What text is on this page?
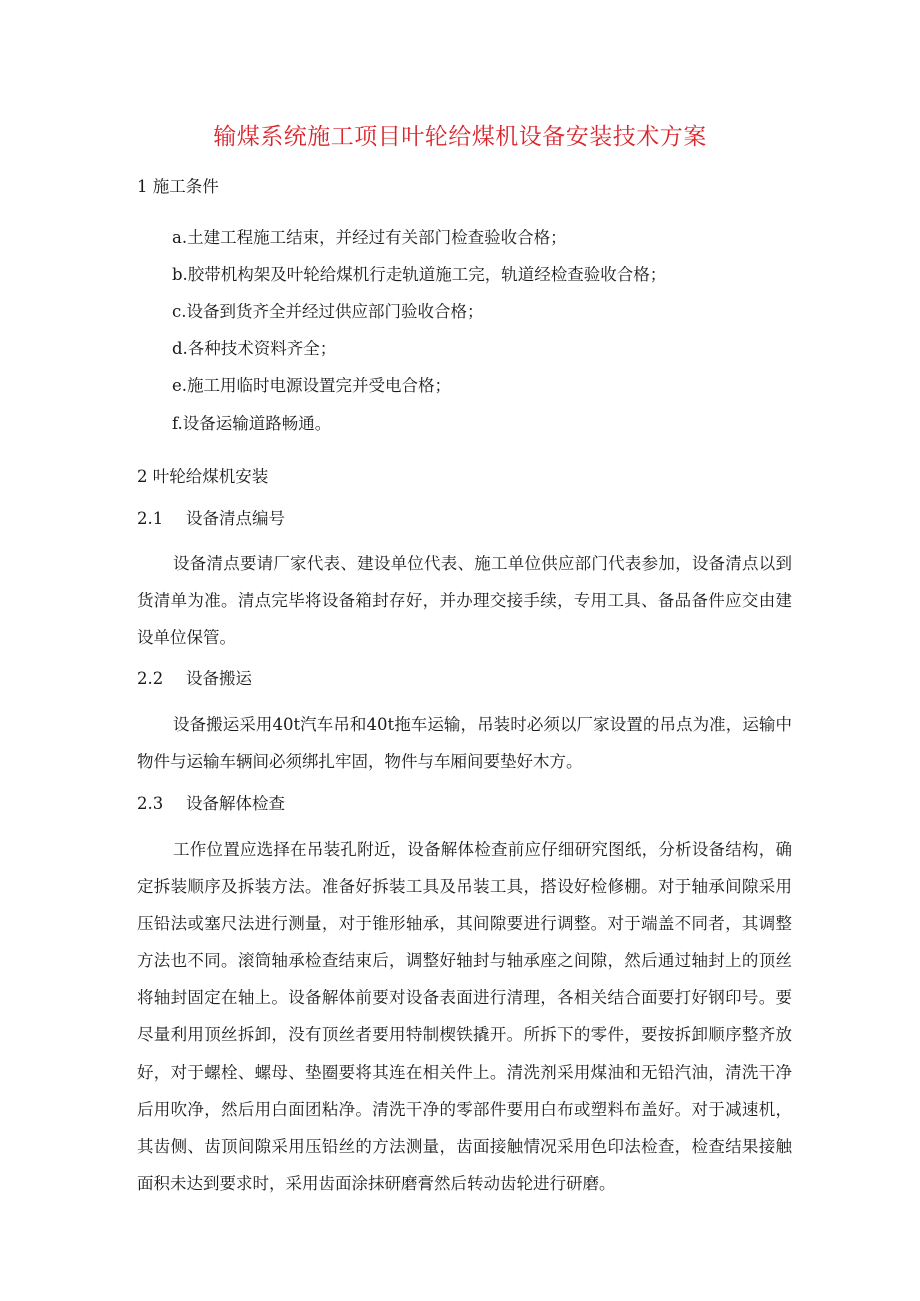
输煤系统施工项目叶轮给煤机设备安装技术方案
1 施工条件
a.土建工程施工结束，并经过有关部门检查验收合格；
b.胶带机构架及叶轮给煤机行走轨道施工完，轨道经检查验收合格；
c.设备到货齐全并经过供应部门验收合格；
d.各种技术资料齐全；
e.施工用临时电源设置完并受电合格；
f.设备运输道路畅通。
2 叶轮给煤机安装
2.1 设备清点编号
设备清点要请厂家代表、建设单位代表、施工单位供应部门代表参加，设备清点以到货清单为准。清点完毕将设备箱封存好，并办理交接手续，专用工具、备品备件应交由建设单位保管。
2.2 设备搬运
设备搬运采用40t汽车吊和40t拖车运输，吊装时必须以厂家设置的吊点为准，运输中物件与运输车辆间必须绑扎牢固，物件与车厢间要垫好木方。
2.3 设备解体检查
工作位置应选择在吊装孔附近，设备解体检查前应仔细研究图纸，分析设备结构，确定拆装顺序及拆装方法。准备好拆装工具及吊装工具，搭设好检修棚。对于轴承间隙采用压铅法或塞尺法进行测量，对于锥形轴承，其间隙要进行调整。对于端盖不同者，其调整方法也不同。滚筒轴承检查结束后，调整好轴封与轴承座之间隙，然后通过轴封上的顶丝将轴封固定在轴上。设备解体前要对设备表面进行清理，各相关结合面要打好钢印号。要尽量利用顶丝拆卸，没有顶丝者要用特制楔铁撬开。所拆下的零件，要按拆卸顺序整齐放好，对于螺栓、螺母、垫圈要将其连在相关件上。清洗剂采用煤油和无铅汽油，清洗干净后用吹净，然后用白面团粘净。清洗干净的零部件要用白布或塑料布盖好。对于减速机，其齿侧、齿顶间隙采用压铅丝的方法测量，齿面接触情况采用色印法检查，检查结果接触面积未达到要求时，采用齿面涂抹研磨膏然后转动齿轮进行研磨。
